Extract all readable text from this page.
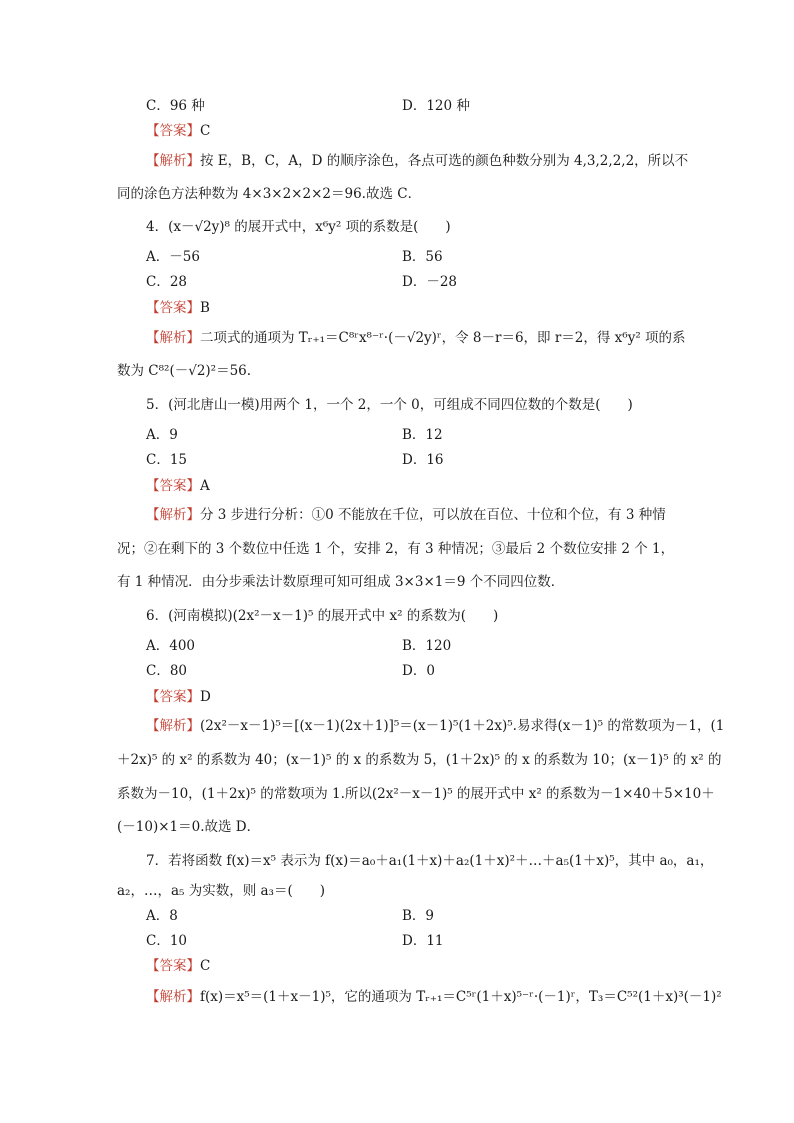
C．96 种	D．120 种
【答案】C
【解析】按 E，B，C，A，D 的顺序涂色，各点可选的颜色种数分别为 4,3,2,2,2，所以不
同的涂色方法种数为 4×3×2×2×2＝96.故选 C．
4．(x－√2y)⁸ 的展开式中，x⁶y² 项的系数是(　　)
A．－56	B．56
C．28	D．－28
【答案】B
【解析】二项式的通项为 Tᵣ₊₁＝C⁸ʳx⁸⁻ʳ·(－√2y)ʳ，令 8－r＝6，即 r＝2，得 x⁶y² 项的系
数为 C⁸²(－√2)²＝56.
5．(河北唐山一模)用两个 1，一个 2，一个 0，可组成不同四位数的个数是(　　)
A．9	B．12
C．15	D．16
【答案】A
【解析】分 3 步进行分析：①0 不能放在千位，可以放在百位、十位和个位，有 3 种情
况；②在剩下的 3 个数位中任选 1 个，安排 2，有 3 种情况；③最后 2 个数位安排 2 个 1，
有 1 种情况．由分步乘法计数原理可知可组成 3×3×1＝9 个不同四位数．
6．(河南模拟)(2x²－x－1)⁵ 的展开式中 x² 的系数为(　　)
A．400	B．120
C．80	D．0
【答案】D
【解析】(2x²－x－1)⁵＝[(x－1)(2x＋1)]⁵＝(x－1)⁵(1＋2x)⁵.易求得(x－1)⁵ 的常数项为－1，(1
＋2x)⁵ 的 x² 的系数为 40；(x－1)⁵ 的 x 的系数为 5，(1＋2x)⁵ 的 x 的系数为 10；(x－1)⁵ 的 x² 的
系数为－10，(1＋2x)⁵ 的常数项为 1.所以(2x²－x－1)⁵ 的展开式中 x² 的系数为－1×40＋5×10＋
(－10)×1＝0.故选 D．
7．若将函数 f(x)＝x⁵ 表示为 f(x)＝a₀＋a₁(1＋x)＋a₂(1＋x)²＋…＋a₅(1＋x)⁵，其中 a₀，a₁，
a₂，…，a₅ 为实数，则 a₃＝(　　)
A．8	B．9
C．10	D．11
【答案】C
【解析】f(x)＝x⁵＝(1＋x－1)⁵，它的通项为 Tᵣ₊₁＝C⁵ʳ(1＋x)⁵⁻ʳ·(－1)ʳ，T₃＝C⁵²(1＋x)³(－1)²
